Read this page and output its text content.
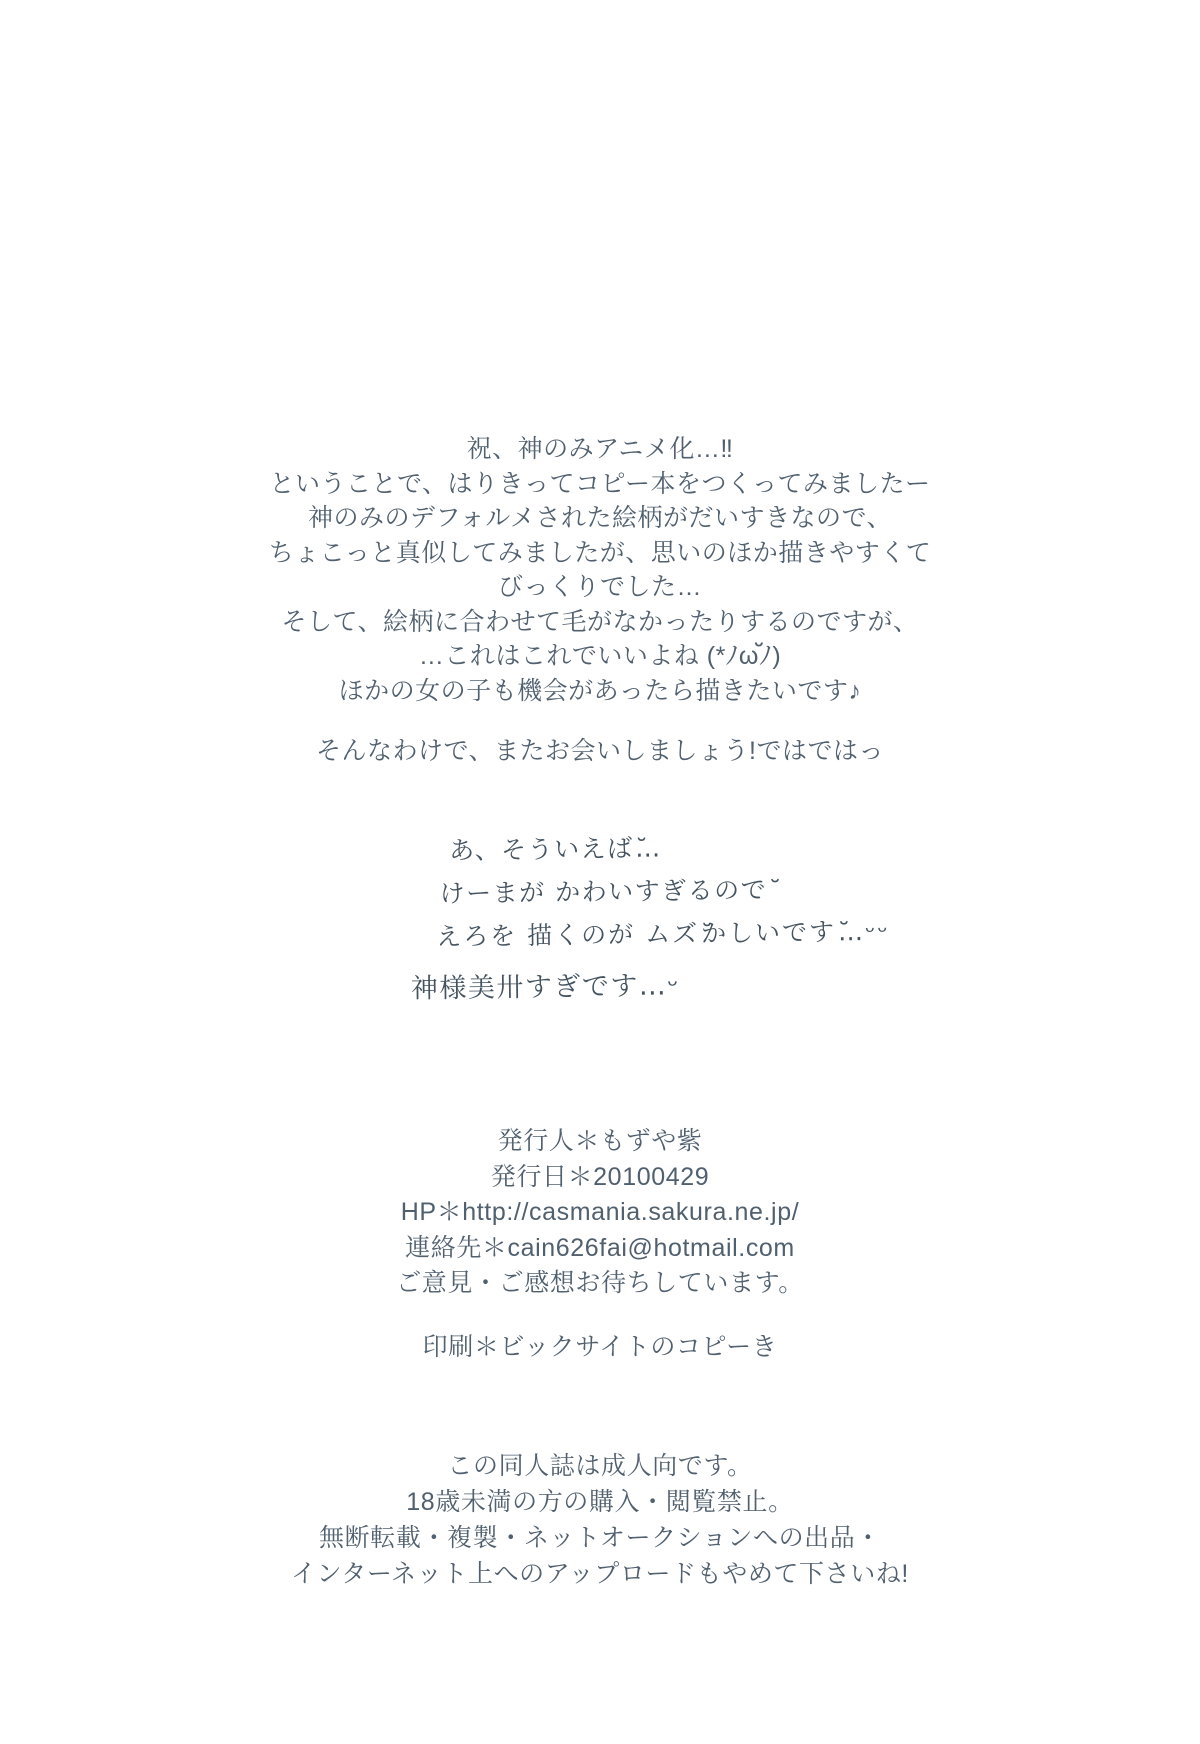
祝、神のみアニメ化…‼
ということで、はりきってコピー本をつくってみましたー
神のみのデフォルメされた絵柄がだいすきなので、
ちょこっと真似してみましたが、思いのほか描きやすくて
びっくりでした…
そして、絵柄に合わせて毛がなかったりするのですが、
…これはこれでいいよね (*ﾉωﬞﾉ)
ほかの女の子も機会があったら描きたいです♪
そんなわけで、またお会いしましょう!ではではっ
あ、そういえばﬞ…
けーまが かわいすぎるのでﬞ
えろを 描くのが ムズﬞかしいですﬞ…ᵕᵕ
神様美卅すぎです…ᵕ
発行人＊もずや紫
発行日＊20100429
HP＊http://casmania.sakura.ne.jp/
連絡先＊cain626fai@hotmail.com
ご意見・ご感想お待ちしています。
印刷＊ビックサイトのコピーき
この同人誌は成人向です。
18歳未満の方の購入・閲覧禁止。
無断転載・複製・ネットオークションへの出品・
インターネット上へのアップロードもやめて下さいね!
